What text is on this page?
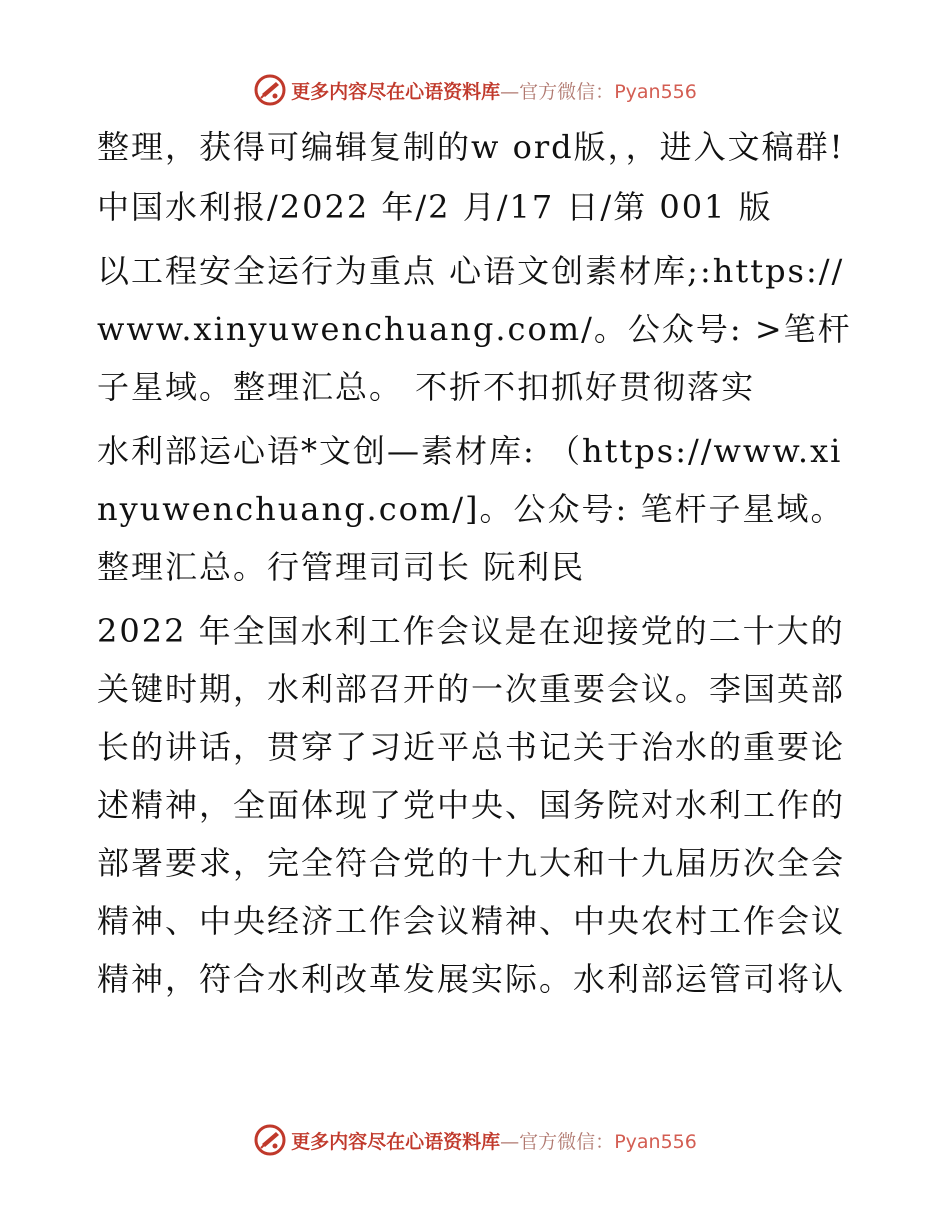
更多内容尽在心语资料库—官方微信：Pyan556

整理，获得可编辑复制的w ord版，，进入文稿群!

中国水利报/2022 年/2 月/17 日/第 001 版

以工程安全运行为重点 心语文创素材库;:https://www.xinyuwenchuang.com/。公众号: >笔杆子星域。整理汇总。 不折不扣抓好贯彻落实

水利部运心语*文创—素材库: （https://www.xinyuwenchuang.com/]。公众号: 笔杆子星域。整理汇总。行管理司司长 阮利民

2022 年全国水利工作会议是在迎接党的二十大的关键时期，水利部召开的一次重要会议。李国英部长的讲话，贯穿了习近平总书记关于治水的重要论述精神，全面体现了党中央、国务院对水利工作的部署要求，完全符合党的十九大和十九届历次全会精神、中央经济工作会议精神、中央农村工作会议精神，符合水利改革发展实际。水利部运管司将认

更多内容尽在心语资料库—官方微信：Pyan556
